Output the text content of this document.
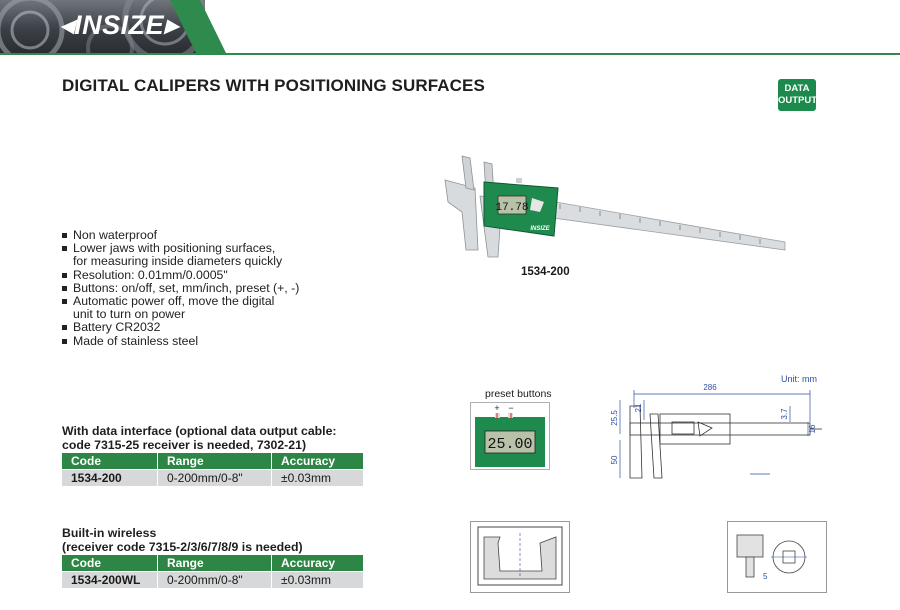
◂INSIZE▸
DIGITAL CALIPERS WITH POSITIONING SURFACES	DATA
OUTPUT
Non waterproof
Lower jaws with positioning surfaces,
for measuring inside diameters quickly
Resolution: 0.01mm/0.0005"
Buttons: on/off, set, mm/inch, preset (+, -)
Automatic power off, move the digital
unit to turn on power
Battery CR2032
Made of stainless steel
17.78
INSIZE
1534-200
preset buttons
+ −
25.00
Unit: mm
286
25.5
21
3.7
16
50
5
With data interface (optional data output cable:
code 7315-25 receiver is needed, 7302-21)
Code	Range	Accuracy
1534-200	0-200mm/0-8"	±0.03mm
Built-in wireless
(receiver code 7315-2/3/6/7/8/9 is needed)
Code	Range	Accuracy
1534-200WL	0-200mm/0-8"	±0.03mm
